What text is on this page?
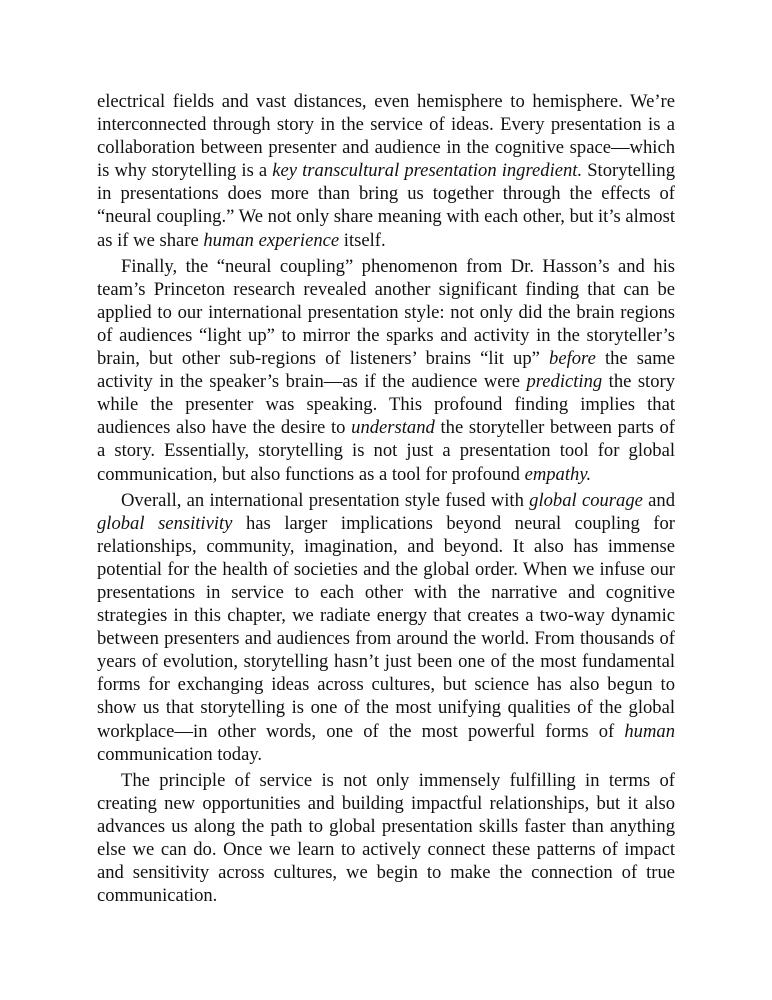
electrical fields and vast distances, even hemisphere to hemisphere. We’re interconnected through story in the service of ideas. Every presentation is a collaboration between presenter and audience in the cognitive space—which is why storytelling is a key transcultural presentation ingredient. Storytelling in presentations does more than bring us together through the effects of “neural coupling.” We not only share meaning with each other, but it’s almost as if we share human experience itself.

Finally, the “neural coupling” phenomenon from Dr. Hasson’s and his team’s Princeton research revealed another significant finding that can be applied to our international presentation style: not only did the brain regions of audiences “light up” to mirror the sparks and activity in the storyteller’s brain, but other sub-regions of listeners’ brains “lit up” before the same activity in the speaker’s brain—as if the audience were predicting the story while the presenter was speaking. This profound finding implies that audiences also have the desire to understand the storyteller between parts of a story. Essentially, storytelling is not just a presentation tool for global communication, but also functions as a tool for profound empathy.

Overall, an international presentation style fused with global courage and global sensitivity has larger implications beyond neural coupling for relationships, community, imagination, and beyond. It also has immense potential for the health of societies and the global order. When we infuse our presentations in service to each other with the narrative and cognitive strategies in this chapter, we radiate energy that creates a two-way dynamic between presenters and audiences from around the world. From thousands of years of evolution, storytelling hasn’t just been one of the most fundamental forms for exchanging ideas across cultures, but science has also begun to show us that storytelling is one of the most unifying qualities of the global workplace—in other words, one of the most powerful forms of human communication today.

The principle of service is not only immensely fulfilling in terms of creating new opportunities and building impactful relationships, but it also advances us along the path to global presentation skills faster than anything else we can do. Once we learn to actively connect these patterns of impact and sensitivity across cultures, we begin to make the connection of true communication.
